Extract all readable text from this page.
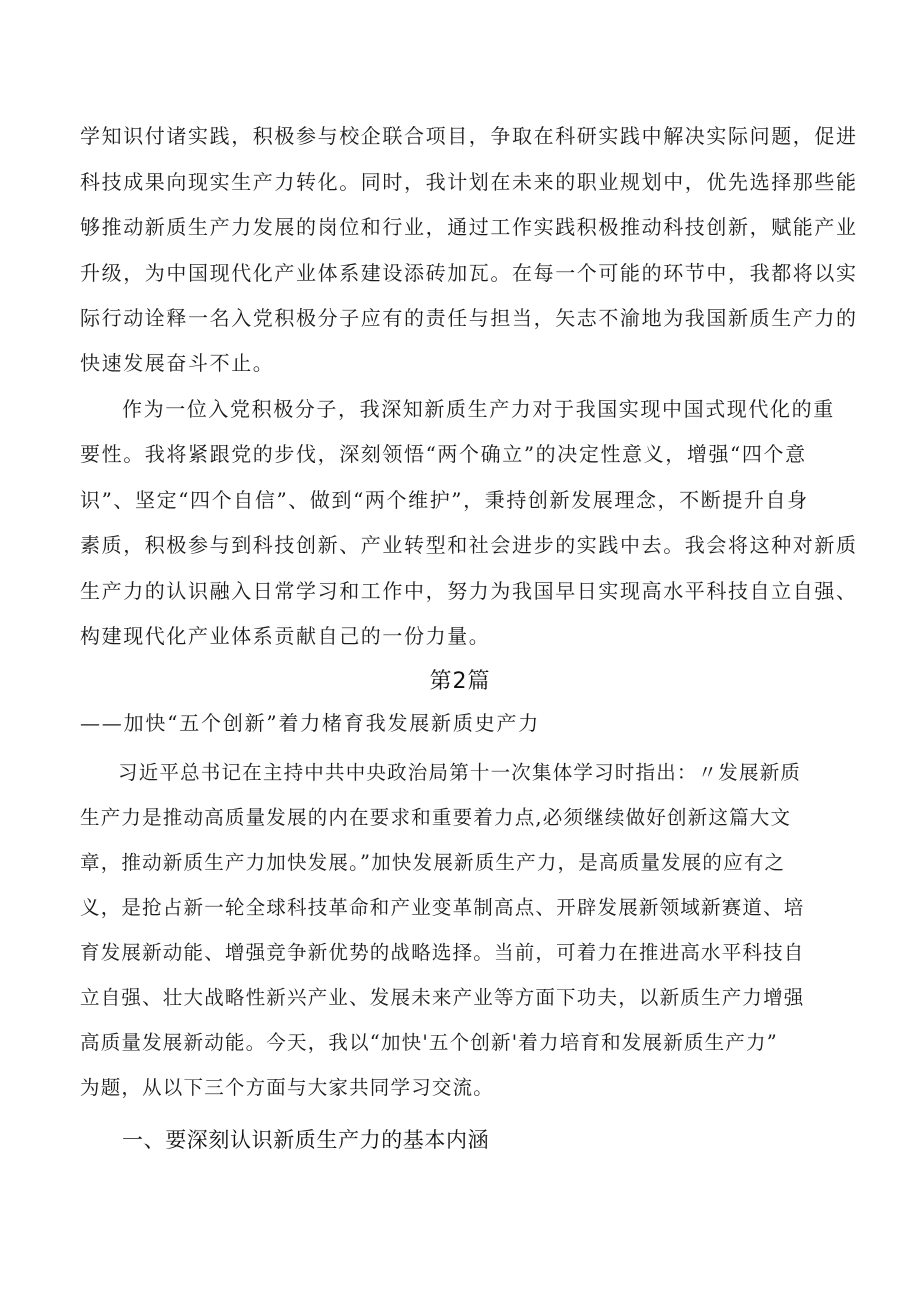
学知识付诸实践，积极参与校企联合项目，争取在科研实践中解决实际问题，促进
科技成果向现实生产力转化。同时，我计划在未来的职业规划中，优先选择那些能
够推动新质生产力发展的岗位和行业，通过工作实践积极推动科技创新，赋能产业
升级，为中国现代化产业体系建设添砖加瓦。在每一个可能的环节中，我都将以实
际行动诠释一名入党积极分子应有的责任与担当，矢志不渝地为我国新质生产力的
快速发展奋斗不止。
作为一位入党积极分子，我深知新质生产力对于我国实现中国式现代化的重
要性。我将紧跟党的步伐，深刻领悟“两个确立”的决定性意义，增强“四个意
识”、坚定“四个自信”、做到“两个维护”，秉持创新发展理念，不断提升自身
素质，积极参与到科技创新、产业转型和社会进步的实践中去。我会将这种对新质
生产力的认识融入日常学习和工作中，努力为我国早日实现高水平科技自立自强、
构建现代化产业体系贡献自己的一份力量。
第2篇
——加快“五个创新”着力楮育我发展新质史产力
习近平总书记在主持中共中央政治局第十一次集体学习时指出：〃发展新质
生产力是推动高质量发展的内在要求和重要着力点,必须继续做好创新这篇大文
章，推动新质生产力加快发展。”加快发展新质生产力，是高质量发展的应有之
义，是抢占新一轮全球科技革命和产业变革制高点、开辟发展新领域新赛道、培
育发展新动能、增强竞争新优势的战略选择。当前，可着力在推进高水平科技自
立自强、壮大战略性新兴产业、发展未来产业等方面下功夫，以新质生产力增强
高质量发展新动能。今天，我以“加快'五个创新'着力培育和发展新质生产力”
为题，从以下三个方面与大家共同学习交流。
一、要深刻认识新质生产力的基本内涵
